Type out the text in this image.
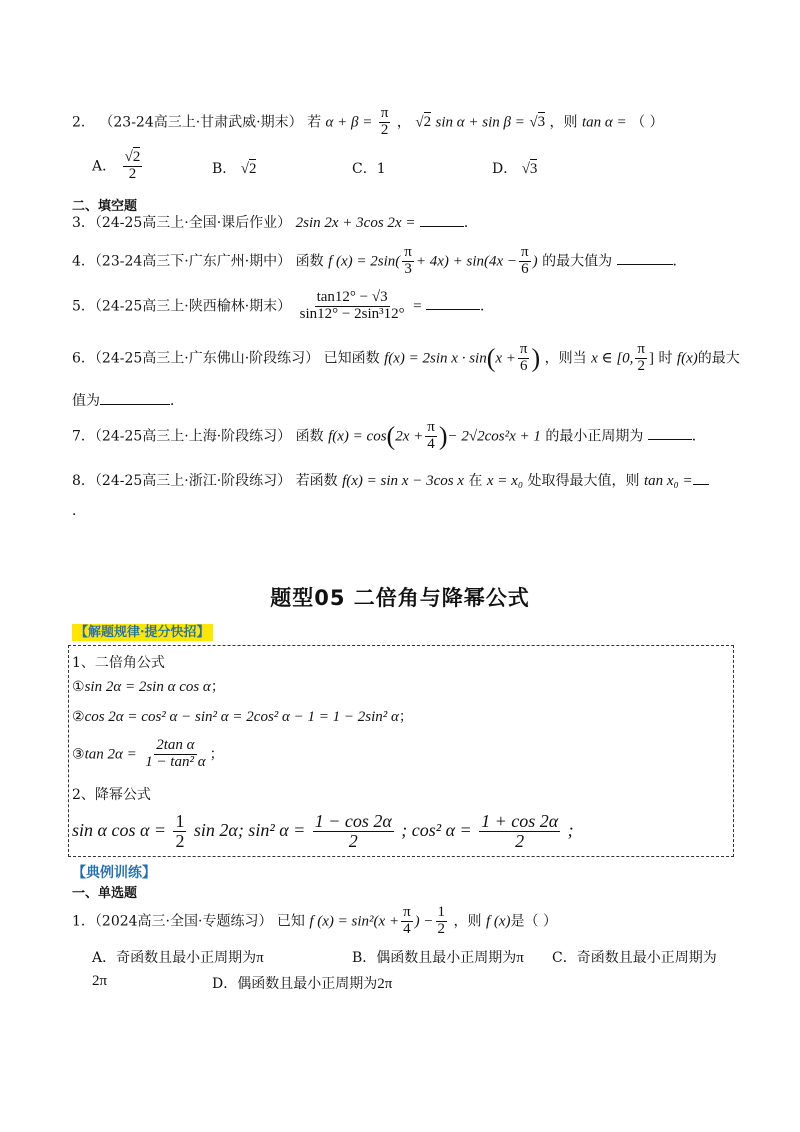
2． （23-24高三上·甘肃武威·期末） 若 $\alpha + \beta = \frac{\pi}{2}$ ， √2 sin α + sin β = √3 ，则 tan α = （ ）
A． $\frac{√2}{2}$	B． √2	C．1	D． √3
二、填空题
3．（24-25高三上·全国·课后作业） 2sin 2x + 3cos 2x =	．
4．（23-24高三下·广东广州·期中） 函数 f $(x) = 2\sin( \frac{\pi}{3} + 4x) + \sin(4x - \frac{\pi}{6}$ ) 的最大值为	．
5．（24-25高三上·陕西榆林·期末） $\frac{\tan 12^\circ - √3}{\text{sin12° − 2sin³12°}}$ =	．
6．（24-25高三上·广东佛山·阶段练习） 已知函数 f(x) = 2sin $x \cdot \sin(x + \frac{\pi}{6}$ ) ，则当 x ∈ [0, $\frac{\pi}{2}$ ] 时 f(x)的最大
值为	．
7．（24-25高三上·上海·阶段练习） 函数 $f(x) = \cos(2x + \frac{\pi}{4}$ )− 2√2cos²x + 1 的最小正周期为	．
8．（24-25高三上·浙江·阶段练习） 若函数 f(x) = sin x − 3cos x 在 x = x₀ 处取得最大值，则 tan x₀ =
．
题型05 二倍角与降幂公式
【解题规律·提分快招】
1、二倍角公式
①sin 2α = 2sin α cos α；
②cos 2α = cos² α − sin² α = 2cos² α − 1 = 1 − 2sin² α；
③tan $2\alpha = \frac{\text{2tan α}}{\text{1 − tan² α}}$ ；
2、降幂公式
sin α $\cos \alpha = \frac{1}{2}$ sin 2α; sin² $\alpha = \frac{1 - \cos 2\alpha}{2}$ ; cos² $\alpha = \frac{1 + \cos 2\alpha}{2}$ ;
【典例训练】
一、单选题
1．（2024高三·全国·专题练习） 已知 f $(x) = \sin^2(x + \frac{\pi}{4}$ ) − $\frac{1}{2}$ ，则 f (x)是（ ）
A．奇函数且最小正周期为π	B．偶函数且最小正周期为π C．奇函数且最小正周期为
2π	D．偶函数且最小正周期为2π
